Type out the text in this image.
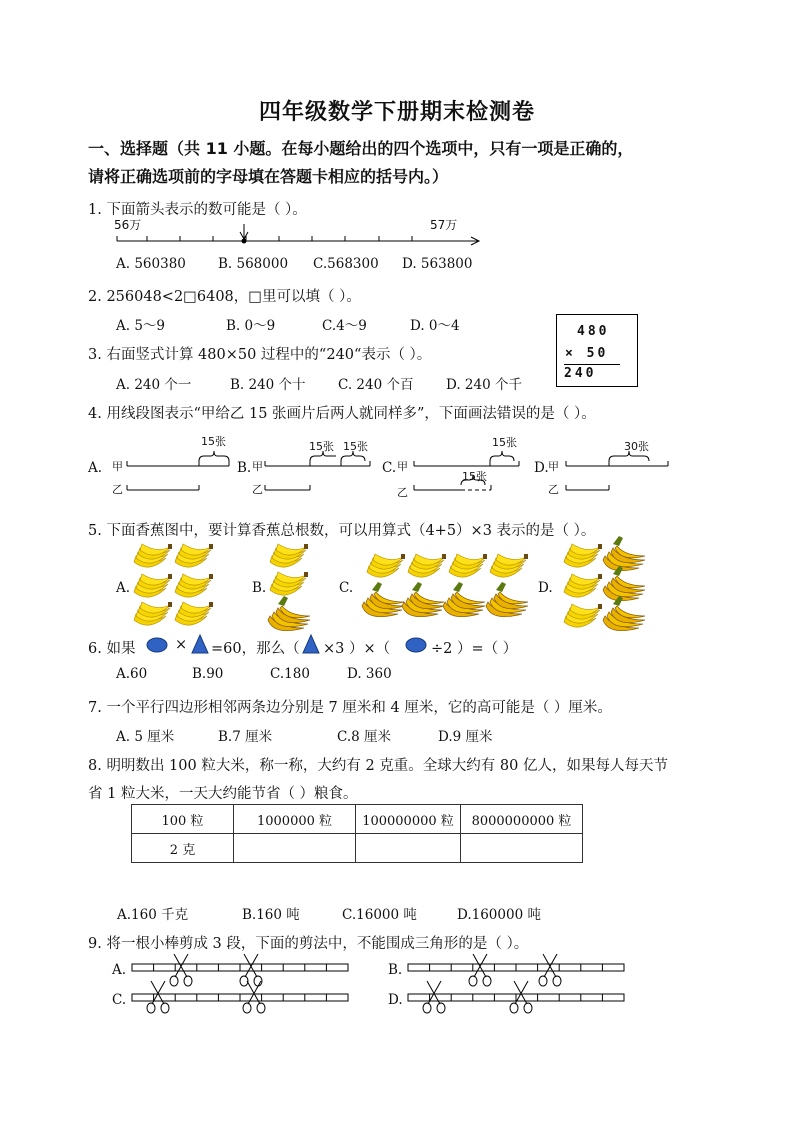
四年级数学下册期末检测卷
一、选择题（共 11 小题。在每小题给出的四个选项中，只有一项是正确的，
请将正确选项前的字母填在答题卡相应的括号内。）
1. 下面箭头表示的数可能是（ ）。
56万	57万
A. 560380 B. 568000 C.568300 D. 563800
2. 256048<2□6408，□里可以填（ ）。
A. 5～9	B. 0～9	C.4～9	D. 0～4	480
× 50
240
3. 右面竖式计算 480×50 过程中的“240“表示（ ）。
A. 240 个一	B. 240 个十 C. 240 个百 D. 240 个千
4. 用线段图表示“甲给乙 15 张画片后两人就同样多”，下面画法错误的是（ ）。
A. 甲
乙
15张
B. 甲
乙
15张 15张
C. 甲
乙
15张
15张
D. 甲
乙
30张
5. 下面香蕉图中，要计算香蕉总根数，可以用算式（4+5）×3 表示的是（ ）。
A.	B.	C.	D.
6. 如果	× =60，那么（ ×3 ）×（	÷2 ）=（ ）
A.60	B.90	C.180	D. 360
7. 一个平行四边形相邻两条边分别是 7 厘米和 4 厘米，它的高可能是（ ）厘米。
A. 5 厘米	B.7 厘米	C.8 厘米	D.9 厘米
8. 明明数出 100 粒大米，称一称，大约有 2 克重。全球大约有 80 亿人，如果每人每天节
省 1 粒大米，一天大约能节省（ ）粮食。
100 粒	1000000 粒	100000000 粒	8000000000 粒
2 克			
A.160 千克	B.160 吨	C.16000 吨	D.160000 吨
9. 将一根小棒剪成 3 段，下面的剪法中，不能围成三角形的是（ ）。
A.	B.
C.	D.
